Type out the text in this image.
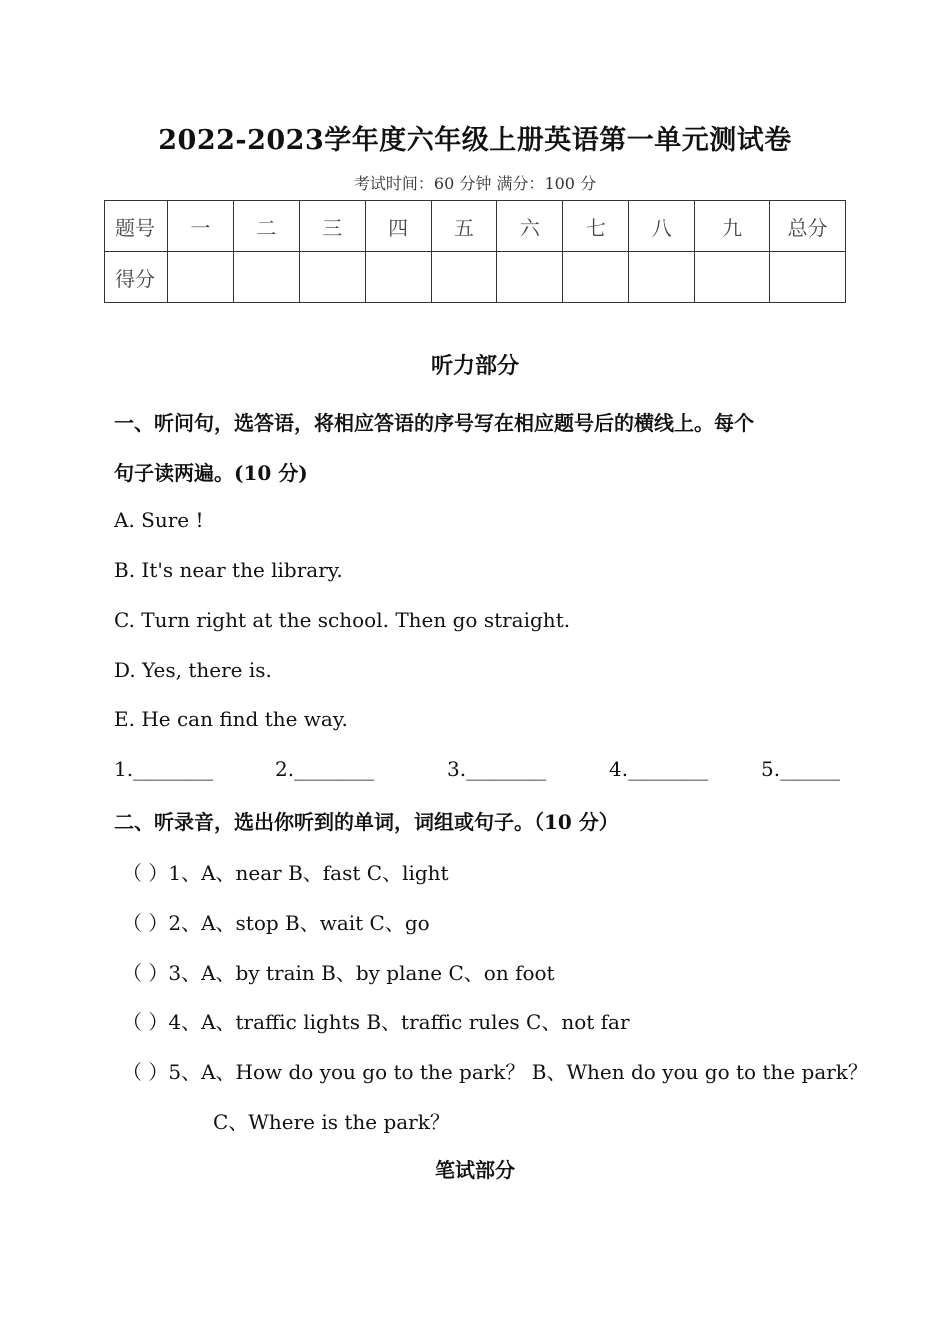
2022-2023学年度六年级上册英语第一单元测试卷
考试时间：60 分钟 满分：100 分
题号	一	二	三	四	五	六	七	八	九	总分
得分										
听力部分
一、听问句，选答语，将相应答语的序号写在相应题号后的横线上。每个
句子读两遍。(10 分)
A. Sure !
B. It's near the library.
C. Turn right at the school. Then go straight.
D. Yes, there is.
E. He can find the way.
1.________	2.________	3.________	4.________	5.______
二、听录音，选出你听到的单词，词组或句子。（10 分）
（ ）1、A、near B、fast C、light
（ ）2、A、stop B、wait C、go
（ ）3、A、by train B、by plane C、on foot
（ ）4、A、traffic lights B、traffic rules C、not far
（ ）5、A、How do you go to the park？ B、When do you go to the park？
C、Where is the park？
笔试部分
